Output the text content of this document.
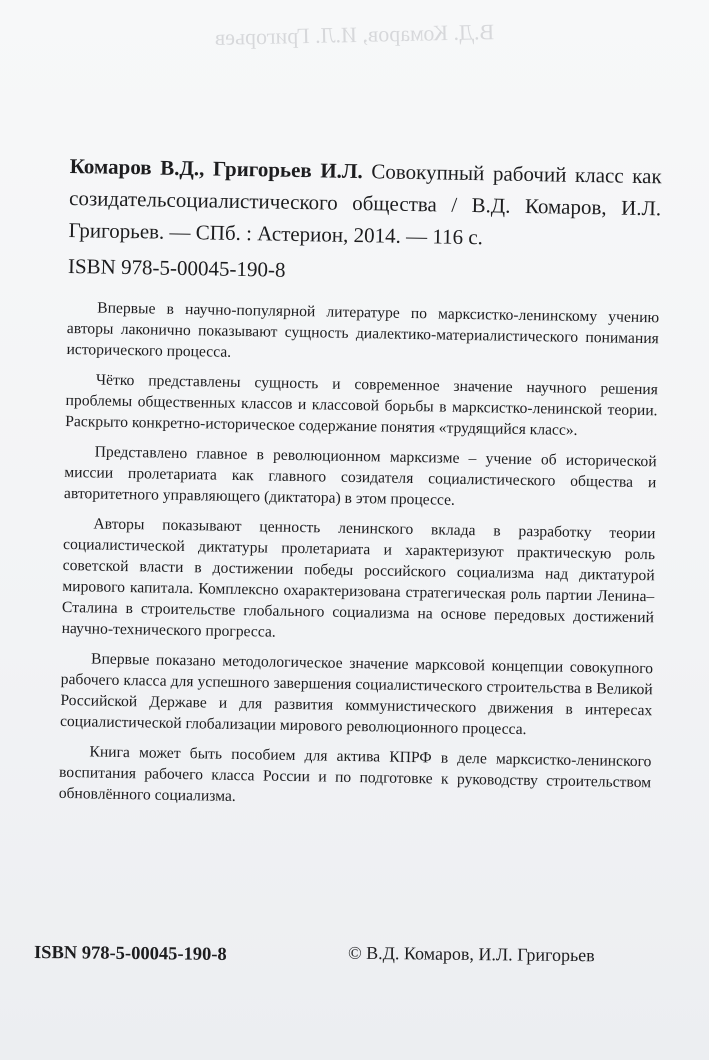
В.Д. Комаров, И.Л. Григорьев

Комаров В.Д., Григорьев И.Л. Совокупный рабочий класс как созидательсоциалистического общества / В.Д. Комаров, И.Л. Григорьев. — СПб. : Астерион, 2014. — 116 с.

ISBN 978-5-00045-190-8

Впервые в научно-популярной литературе по марксистко-ленинскому учению авторы лаконично показывают сущность диалектико-материалистического понимания исторического процесса.

Чётко представлены сущность и современное значение научного решения проблемы общественных классов и классовой борьбы в марксистко-ленинской теории. Раскрыто конкретно-историческое содержание понятия «трудящийся класс».

Представлено главное в революционном марксизме – учение об исторической миссии пролетариата как главного созидателя социалистического общества и авторитетного управляющего (диктатора) в этом процессе.

Авторы показывают ценность ленинского вклада в разработку теории социалистической диктатуры пролетариата и характеризуют практическую роль советской власти в достижении победы российского социализма над диктатурой мирового капитала. Комплексно охарактеризована стратегическая роль партии Ленина–Сталина в строительстве глобального социализма на основе передовых достижений научно-технического прогресса.

Впервые показано методологическое значение марксовой концепции совокупного рабочего класса для успешного завершения социалистического строительства в Великой Российской Державе и для развития коммунистического движения в интересах социалистической глобализации мирового революционного процесса.

Книга может быть пособием для актива КПРФ в деле марксистко-ленинского воспитания рабочего класса России и по подготовке к руководству строительством обновлённого социализма.

ISBN 978-5-00045-190-8	© В.Д. Комаров, И.Л. Григорьев
